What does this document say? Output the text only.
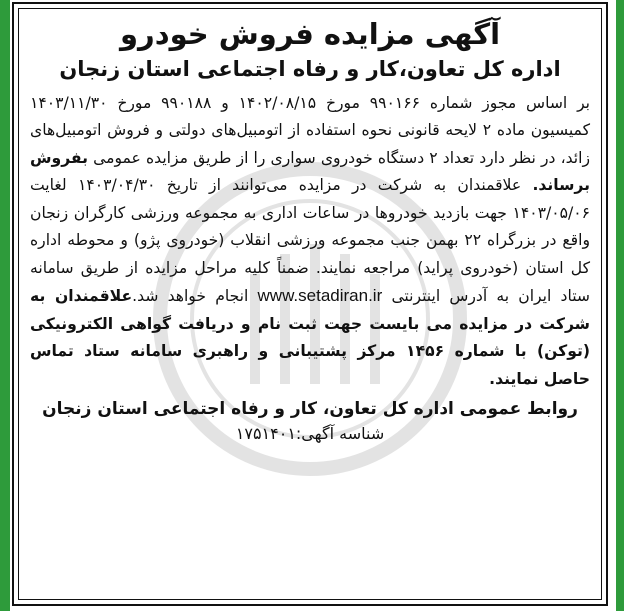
آگهی مزایده فروش خودرو
اداره کل تعاون،کار و رفاه اجتماعی استان زنجان

بر اساس مجوز شماره ۹۹۰۱۶۶ مورخ ۱۴۰۲/۰۸/۱۵ و ۹۹۰۱۸۸ مورخ ۱۴۰۳/۱۱/۳۰ کمیسیون ماده ۲ لایحه قانونی نحوه استفاده از اتومبیل‌های دولتی و فروش اتومبیل‌های زائد، در نظر دارد تعداد ۲ دستگاه خودروی سواری را از طریق مزایده عمومی بفروش برساند. علاقمندان به شرکت در مزایده می‌توانند از تاریخ ۱۴۰۳/۰۴/۳۰ لغایت ۱۴۰۳/۰۵/۰۶ جهت بازدید خودروها در ساعات اداری به مجموعه ورزشی کارگران زنجان واقع در بزرگراه ۲۲ بهمن جنب مجموعه ورزشی انقلاب (خودروی پژو) و محوطه اداره کل استان (خودروی پراید) مراجعه نمایند. ضمناً کلیه مراحل مزایده از طریق سامانه ستاد ایران به آدرس اینترنتی www.setadiran.ir انجام خواهد شد.علاقمندان به شرکت در مزایده می بایست جهت ثبت نام و دریافت گواهی الکترونیکی (توکن) با شماره ۱۴۵۶ مرکز پشتیبانی و راهبری سامانه ستاد تماس حاصل نمایند.

روابط عمومی اداره کل تعاون، کار و رفاه اجتماعی استان زنجان
شناسه آگهی:۱۷۵۱۴۰۱
